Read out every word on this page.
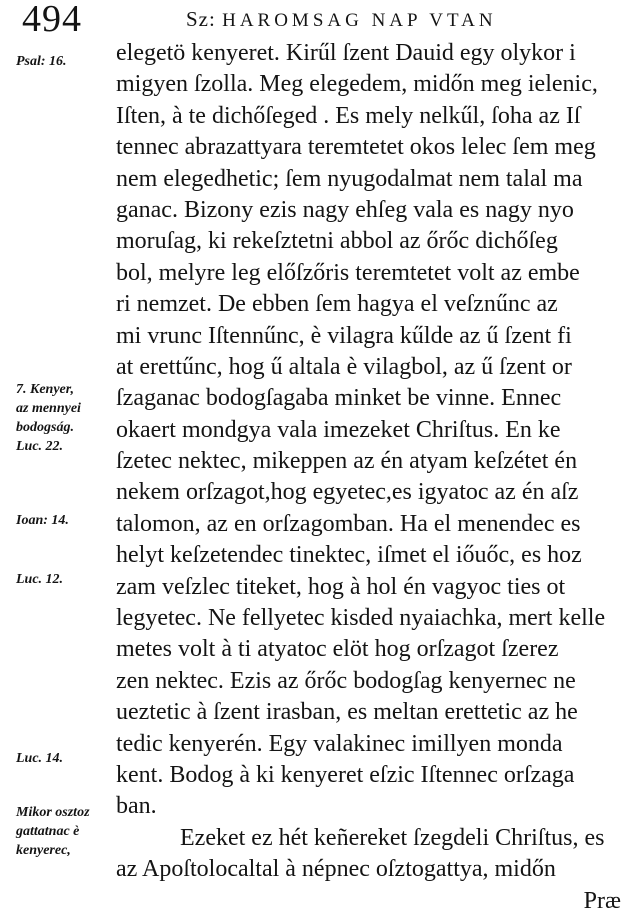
494	Sz: HAROMSAG NAP VTAN
Psal: 16.
7. Kenyer,
az mennyei
bodogság.
Luc. 22.
Ioan: 14.
Luc. 12.
Luc. 14.
Mikor osztoz
gattatnac è
kenyerec,
elegetö kenyeret. Kirűl ſzent Dauid egy olykor i
migyen ſzolla. Meg elegedem, midőn meg ielenic,
Iſten, à te dichőſeged . Es mely nelkűl, ſoha az Iſ
tennec abrazattyara teremtetet okos lelec ſem meg
nem elegedhetic; ſem nyugodalmat nem talal ma
ganac. Bizony ezis nagy ehſeg vala es nagy nyo
moruſag, ki rekeſztetni abbol az őrőc dichőſeg
bol, melyre leg előſzőris teremtetet volt az embe
ri nemzet. De ebben ſem hagya el veſznűnc az
mi vrunc Iſtennűnc, è vilagra kűlde az ű ſzent fi
at erettűnc, hog ű altala è vilagbol, az ű ſzent or
ſzaganac bodogſagaba minket be vinne. Ennec
okaert mondgya vala imezeket Chriſtus. En ke
ſzetec nektec, mikeppen az én atyam keſzétet én
nekem orſzagot,hog egyetec,es igyatoc az én aſz
talomon, az en orſzagomban. Ha el menendec es
helyt keſzetendec tinektec, iſmet el iőuőc, es hoz
zam veſzlec titeket, hog à hol én vagyoc ties ot
legyetec. Ne fellyetec kisded nyaiachka, mert kelle
metes volt à ti atyatoc elöt hog orſzagot ſzerez
zen nektec. Ezis az őrőc bodogſag kenyernec ne
ueztetic à ſzent irasban, es meltan erettetic az he
tedic kenyerén. Egy valakinec imillyen monda
kent. Bodog à ki kenyeret eſzic Iſtennec orſzaga
ban.
Ezeket ez hét keñereket ſzegdeli Chriſtus, es
az Apoſtolocaltal à népnec oſztogattya, midőn
Præ
